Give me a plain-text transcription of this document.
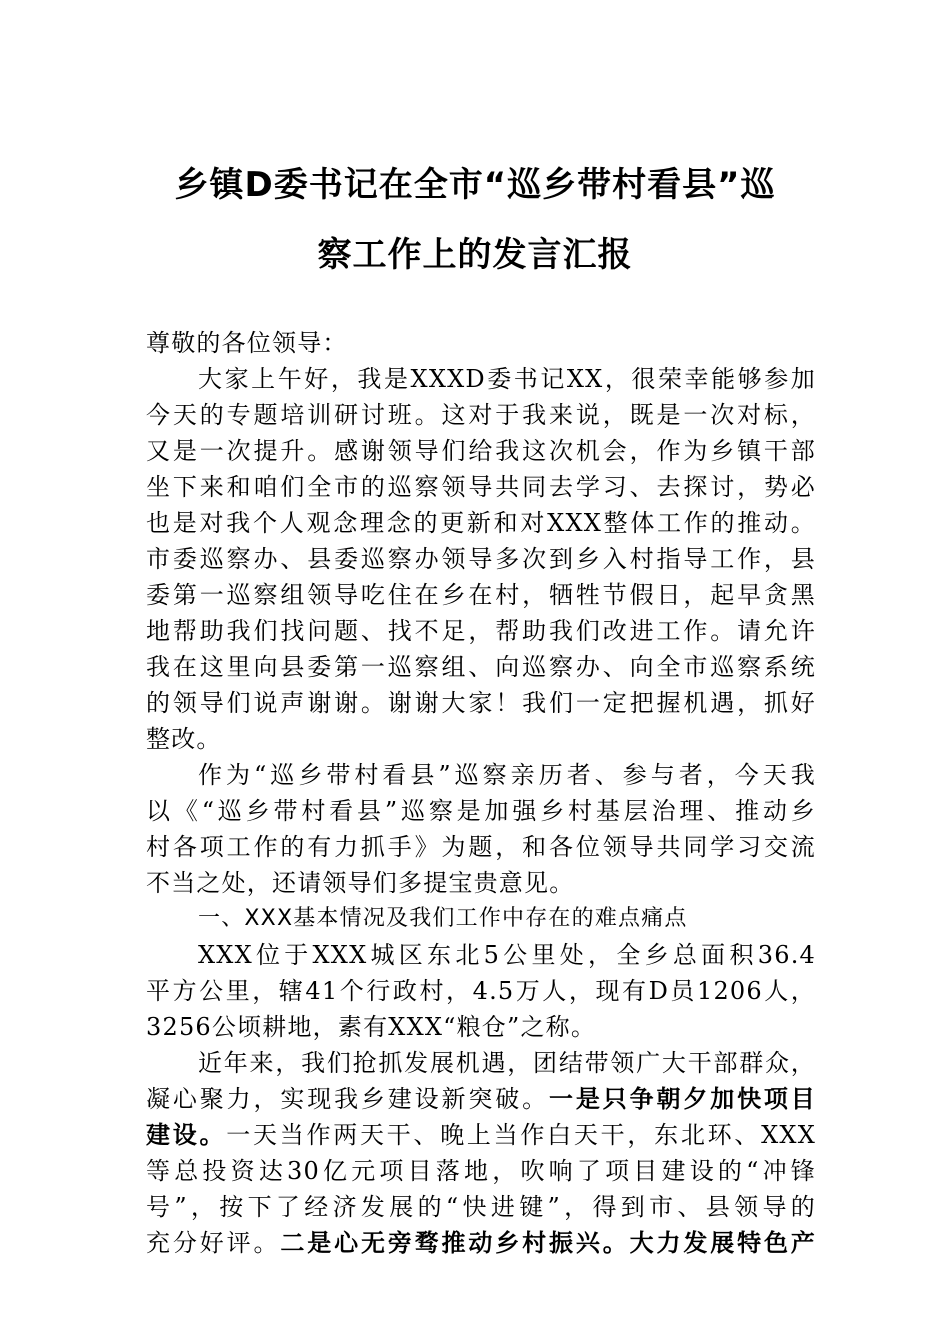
乡镇D委书记在全市“巡乡带村看县”巡
察工作上的发言汇报
尊敬的各位领导：
大家上午好，我是XXXD委书记XX，很荣幸能够参加
今天的专题培训研讨班。这对于我来说，既是一次对标，
又是一次提升。感谢领导们给我这次机会，作为乡镇干部
坐下来和咱们全市的巡察领导共同去学习、去探讨，势必
也是对我个人观念理念的更新和对XXX整体工作的推动。
市委巡察办、县委巡察办领导多次到乡入村指导工作，县
委第一巡察组领导吃住在乡在村，牺牲节假日，起早贪黑
地帮助我们找问题、找不足，帮助我们改进工作。请允许
我在这里向县委第一巡察组、向巡察办、向全市巡察系统
的领导们说声谢谢。谢谢大家！我们一定把握机遇，抓好
整改。
作为“巡乡带村看县”巡察亲历者、参与者，今天我
以《“巡乡带村看县”巡察是加强乡村基层治理、推动乡
村各项工作的有力抓手》为题，和各位领导共同学习交流
不当之处，还请领导们多提宝贵意见。
一、XXX基本情况及我们工作中存在的难点痛点
XXX位于XXX城区东北5公里处，全乡总面积36.4
平方公里，辖41个行政村，4.5万人，现有D员1206人，
3256公顷耕地，素有XXX“粮仓”之称。
近年来，我们抢抓发展机遇，团结带领广大干部群众，
凝心聚力，实现我乡建设新突破。一是只争朝夕加快项目
建设。一天当作两天干、晚上当作白天干，东北环、XXX
等总投资达30亿元项目落地，吹响了项目建设的“冲锋
号”，按下了经济发展的“快进键”，得到市、县领导的
充分好评。二是心无旁骛推动乡村振兴。大力发展特色产
